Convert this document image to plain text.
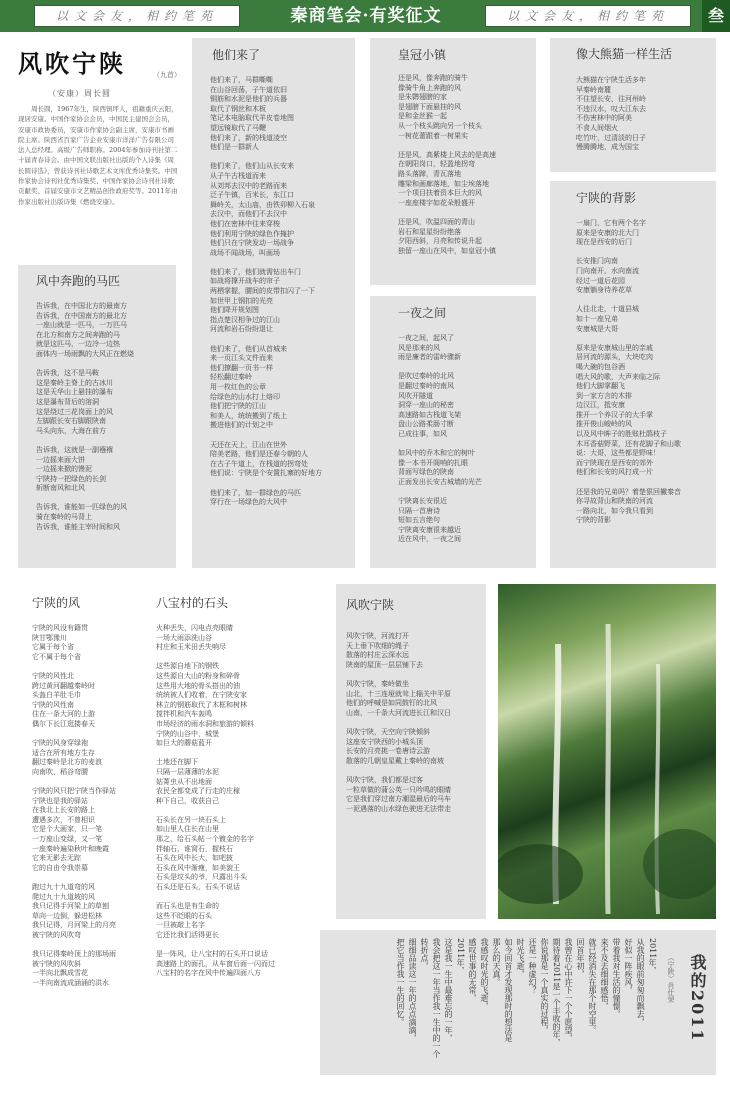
以文会友，相约笔苑	秦商笔会·有奖征文	以文会友，相约笔苑	叁
风吹宁陕	（九首）
（安康）周长圆
周长圆，1967年生，陕西镇坪人，祖籍重庆云阳，现居安康。中国作家协会会员，中国民主建国会会员，安康市政协委员，安康市作家协会副主席，安康市书画院主席。陕西省百家广告企业安康市洋洋广告有限公司法人总经理。高级广告师职称。2004年参加诗刊社第二十届青春诗会。由中国文联出版社出版的个人诗集《周长圆诗选》，曾获诗刊社诗歌艺术文库优秀诗集奖。中国作家协会诗刊社优秀诗集奖、中国作家协会诗刊社诗歌贡献奖、首届安康市文艺精品创作政府奖等。2011年由作家出版社出版诗集《燃烧安康》。
风中奔跑的马匹
告诉我，在中国北方的最南方
告诉我，在中国南方的最北方
一座山就是一匹马，一万匹马
在北方和南方之间奔跑的马
就是这匹马，一边冷一边热
面体内一场雨飘的大风正在燃烧

告诉我，这不是马鞍
这是秦岭主脊上的古冰川
这是天华山上悬挂的瀑布
这是瀑布背后的溶洞
这是绕过三花岗面上的风
左脚跟长安右脚跟陕南
马头向东，大海在前方

告诉我，这就是一副襁褓
一边摇来面大饼
一边摇来掀的馒泥
宁陕持一把绿色的长剑
斩断南风和北风

告诉我，谁能如一匹绿色的风
骑在秦岭的马背上
告诉我，谁能主宰时间和风
他们来了
他们来了，马群嘶嘶
在山谷回荡，子午道依旧
铜筋和水泥是他们的兵器
取代了钢丝和木板
笔记本电脑取代羊皮卷地图
望远镜取代了马鞭
他们来了，新的栈道凌空
他们是一群新人

他们来了，他们山从长安来
从子午古栈道而来
从刘邦去汉中的老路而来
泛子午镇，百米长，东江口
舞岭关，太山庙，由铁卯柳入石泉
去汉中，而他们不去汉中
他们在密林中往来穿梭
他们利用宁陕的绿色作掩护
他们只在宁陕发动一场战争
战场不闻战场，叫画场

他们来了，他们就需钻出车门
如战将撑开战车的帘子
两栖掌握，腰间的皮带扣闪了一下
如世甲上钢扣的光亮
他们降开规划图
指点楚汉相争过的江山
河流和岩石纷纷退让

他们来了，他们从首城来
来一页江头文件而来
他们撩翻一页书一样
轻松翻过秦岭
用一枚红色的公章
给绿色的山水打上烙印
他们把宁陕的江山
和美人，统统搬到了纸上
搬进他们的计划之中

天还在天上，江山在世外
陪美老路，他们是还春今朝的人
在古子午道上，在栈道的拐弯处
他们说：宁陕是个安置扎寨的好地方

他们来了，如一群绿色的马匹
穿行在一场绿色的大风中
皇冠小镇
还是风，像奔跑的骑牛
像骑牛角上奔跑的风
是朱鹮翅膀的家
是翅膀下面悬挂的风
是和金丝猴一起
从一个枝头跳向另一个枝头
一树花蕾跟着一树果实

还是风，高紫楼上风去的是高速
在朝阳岗口，轻盈地拐弯
路头落蹄，青瓦落地
雕梁和画廊落地，如尘埃落地
一个项目扶着资本巨大的风
一座座楼宇如花朵般盛开

还是风，吹温四面的青山
岩石和星星纷纷绝落
夕阳西斜，月亮和传说升起
独留一座山在风中，如皇冠小镇
一夜之间
一夜之间，起风了
风是那来的风
雨是廉者的雷岭骤新

是吹过秦岭的北风
是翻过秦岭的南风
风吹开隧道
洞穿一座山的秘密
高速路如古栈道飞架
盘山公路柔肠寸断
已成往事，如风

如风中的乔木和它的树叶
像一本书开阁响的扎眼
背面写绿色的陕南
正面发出长安古城墙的光芒

宁陕离长安很近
只隔一首唐诗
短如五言绝句
宁陕离安康很来越近
近在风中，一夜之间
像大熊猫一样生活
大熊猫在宁陕生活多年
早秦岭南麓
不住望长安，往河州岭
不违汉水，叹大江东去
不伤害林中的阿美
不食人间烟火
吃竹叶，过清淡的日子
慢腾腾地，成为国宝
宁陕的背影
一扇门，它有两个名字
原来是安康的北大门
现在是西安的后门

长安推门向南
门向南开，水向南流
经过一道后花园
安康躺身待养花草

人往北走，十道县城
如十一座兄弟
安康城是大哥

原来是安康城山里的亲戚
居河流的源头，大块吃肉
喝大碗的包谷酒
唱大风的歌，大声来临之际
他们大脚掌翻飞
到一家方言的木排
边汉江，抵安康
推开一个养汉子的大手掌
推开俊山峻岭的风
以及风中眸子的胜账杜鹃枝子
木耳香菇野菜，还有花脚子和山歌
说：大哥，这些都是野味！
而宁陕现在是西安的郊外
他们和长安的风打成一片

还是我的兄弟吗？着楚狠回撇秦音
你寻故背山和陕南的河流
一路向北，如今我只看到
宁陕的背影
宁陕的风
宁陕的风没有籍贯
陕甘鄂豫川
它属于每个省
它不属于每个省

宁陕的风性北
跨过黄河翻越秦岭时
头盔白羊肚毛巾
宁陕的风性南
住在一条大河的上游
偶尔下长江逛搂春天

宁陕的风身穿绿袍
适合在所有地方生存
翻过秦岭是北方的麦浪
向南吹，稻谷弯腰

宁陕的风只把宁陕当作驿站
宁陕也是我的驿站
在我北上长安的路上
遭遇多次，不曾相识
它是个大画家，只一笔
一万座山变绿，又一笔
一座秦岭遍染秋叶和晚霞
它来无影去无踪
它的自由令我崇慕

跑过九十九道弯的风
爬过九十九道坡的风
我只记得手河梁上的草刨
草向一边倒，躲进松林
我只记得，月河梁上的月亮
被宁陕的风吹弯

我只记得秦岭顶上的那场雨
被宁陕的风吹斜
一半向北飘成雪花
一半向南流成涵涌的洪水
八宝村的石头
火种丢失，闪电点亮眼睛
一场大雨添洗山谷
村庄和玉米田丢失响尽

这些源自地下的钢铁
这些源自大山的粉身和碎骨
这些用大地的骨头搭出的油
统统被人们收着，在宁陕安家
林立的钢筋取代了木框和树林
搅拌机和汽车轰鸣
市场经济的雨水洞和旅游的倾料
宁陕的山谷中，城堡
如巨大的蘑菇蓝开

土地还在脚下
只隔一层薄薄的水泥
姑菁虫从不出地面
农民全都变成了行走的庄稼
种下自己，收获自己

石头长在另一块石头上
如山里人住长在山里
那之，给石头帖一个镀金的名字
拌轴石，谁窝石，握枝石
石头在风中长大，如吧披
石头在风中渐瘦，如美貌王
石头是坟头的爷，只露出斗头
石头还是石头，石头不说话

而石头也是有生命的
这些不眨眼的石头
一旦被敲上名字
它还比我们活得更长

是一阵风，让八宝村的石头开口说话
高速路上的面孔，从车窗后面一闪而过
八宝村的名字在风中传遍四面八方
风吹宁陕
风吹宁陕，河流打开
天上垂下吹细的绳子
散落的村庄云深水远
陕南的屋顶一层层铺下去

风吹宁陕，秦岭做坐
山北，十三连垭就耸上辎关中平原
他们的呼喊是如同鼓钉的北风
山南，一千条大河流进长江和汉日

风吹宁陕，天空向宁陕倾斜
这座安宁陕西的小城头顶
长安的月亮挑一卷唐诗云游
散落的几朝皇星戴上秦岭的南坡

风吹宁陕，我们都是过客
一粒草做的蒲公英一只吟鸣的眼睛
它是我们穿过南方潮湿最后的马车
一泥遇落的山水绿色驶进无法带走
我的2011
（宁陕）肖仕荣
2011年，
从我的眼前匆匆而飘去，
好似一阵疾风，
带着我对生活的憧憬，
来不及去细细感悟，
就已经消失在那个时空里。
回首年初，
我曾在心中许下一个个愿望，
期待着2011是一个丰收的年，
你说那是一个真实的过程，
还是一种虚幻？
时光飞逝，
如今回首才发现那时的想法是
那么的天真。
我感叹时光的飞逝，
感叹世事的无常，
2011年，
这是我一生中最难忘的一年，
我会把这一年当作我一生中的一个
转折点，
细细品读这一年的点点滴滴，
把它当作我一生的回忆。
